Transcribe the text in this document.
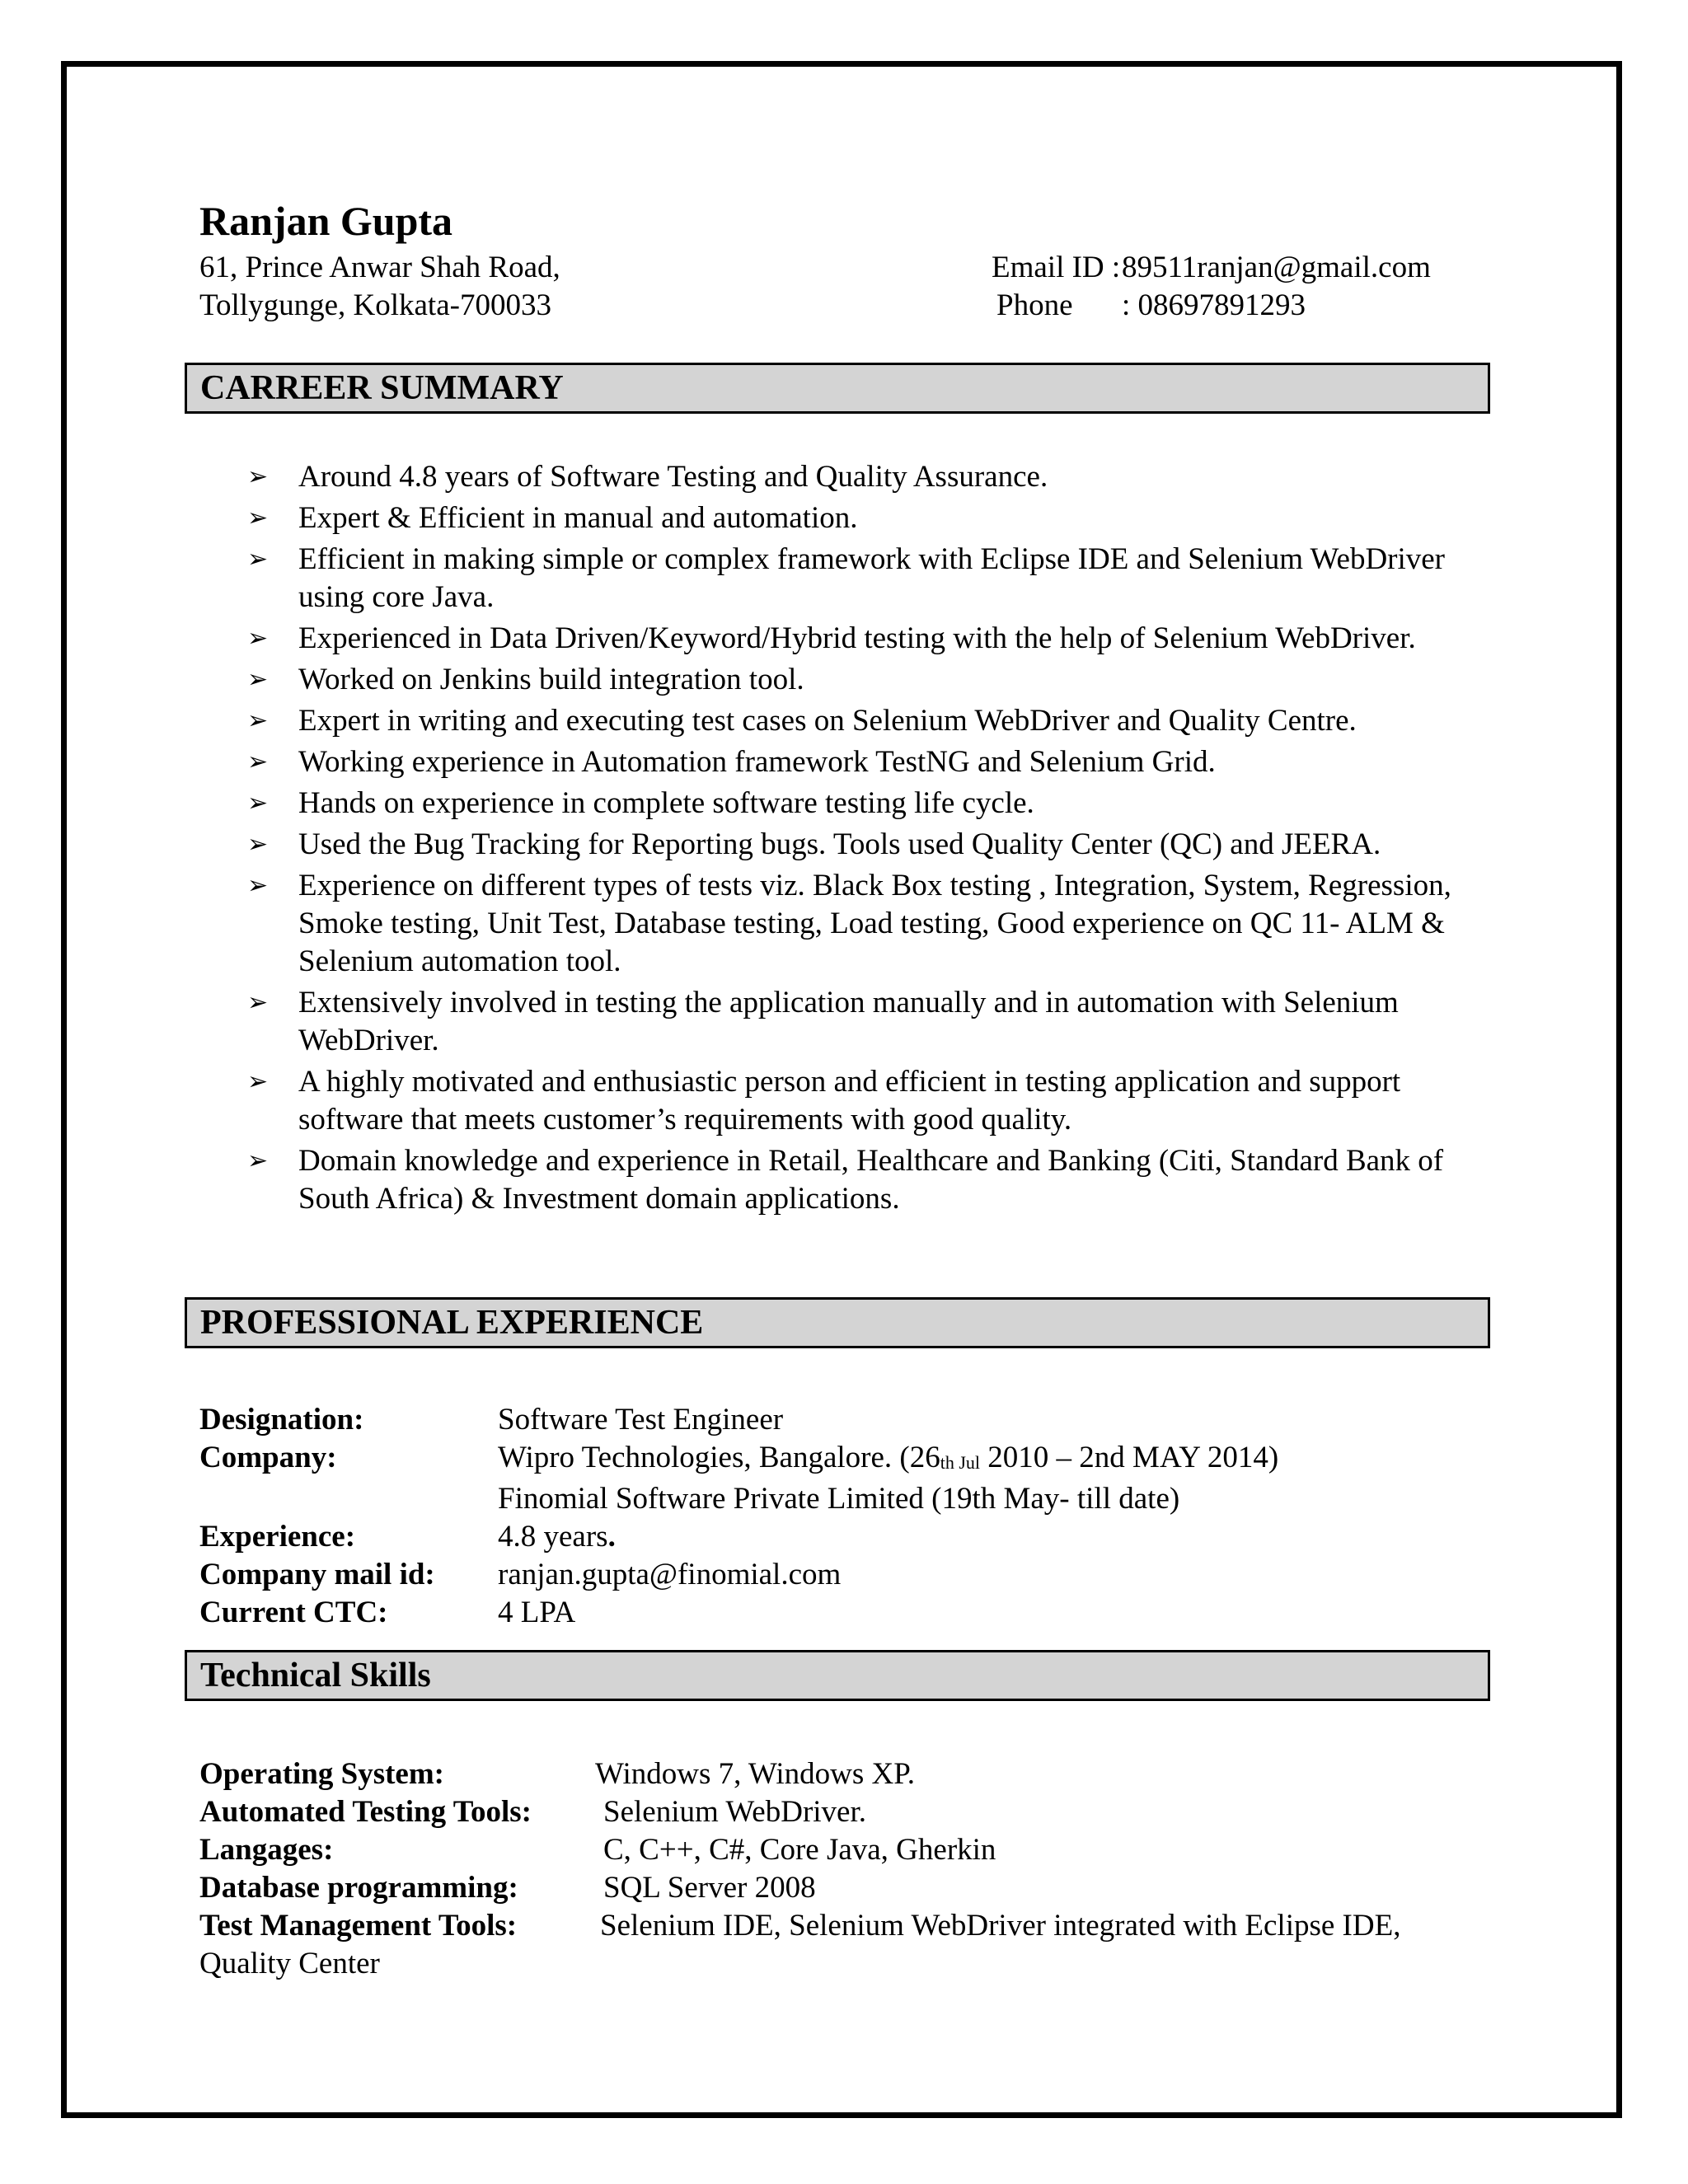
Ranjan Gupta
61, Prince Anwar Shah Road,
Tollygunge, Kolkata-700033
Email ID :89511ranjan@gmail.com
Phone : 08697891293
CARREER SUMMARY
➢ Around 4.8 years of Software Testing and Quality Assurance.
➢ Expert & Efficient in manual and automation.
➢ Efficient in making simple or complex framework with Eclipse IDE and Selenium WebDriver using core Java.
➢ Experienced in Data Driven/Keyword/Hybrid testing with the help of Selenium WebDriver.
➢ Worked on Jenkins build integration tool.
➢ Expert in writing and executing test cases on Selenium WebDriver and Quality Centre.
➢ Working experience in Automation framework TestNG and Selenium Grid.
➢ Hands on experience in complete software testing life cycle.
➢ Used the Bug Tracking for Reporting bugs. Tools used Quality Center (QC) and JEERA.
➢ Experience on different types of tests viz. Black Box testing , Integration, System, Regression, Smoke testing, Unit Test, Database testing, Load testing, Good experience on QC 11- ALM & Selenium automation tool.
➢ Extensively involved in testing the application manually and in automation with Selenium WebDriver.
➢ A highly motivated and enthusiastic person and efficient in testing application and support software that meets customer’s requirements with good quality.
➢ Domain knowledge and experience in Retail, Healthcare and Banking (Citi, Standard Bank of South Africa) & Investment domain applications.
PROFESSIONAL EXPERIENCE
Designation:	Software Test Engineer
Company:	Wipro Technologies, Bangalore. ($26_{th Jul}$ 2010 – 2nd MAY 2014)
Finomial Software Private Limited (19th May- till date)
Experience:	4.8 years.
Company mail id:	ranjan.gupta@finomial.com
Current CTC:	4 LPA
Technical Skills
Operating System:	Windows 7, Windows XP.
Automated Testing Tools:	Selenium WebDriver.
Langages:	C, C++, C#, Core Java, Gherkin
Database programming:	SQL Server 2008
Test Management Tools:	Selenium IDE, Selenium WebDriver integrated with Eclipse IDE,
Quality Center
